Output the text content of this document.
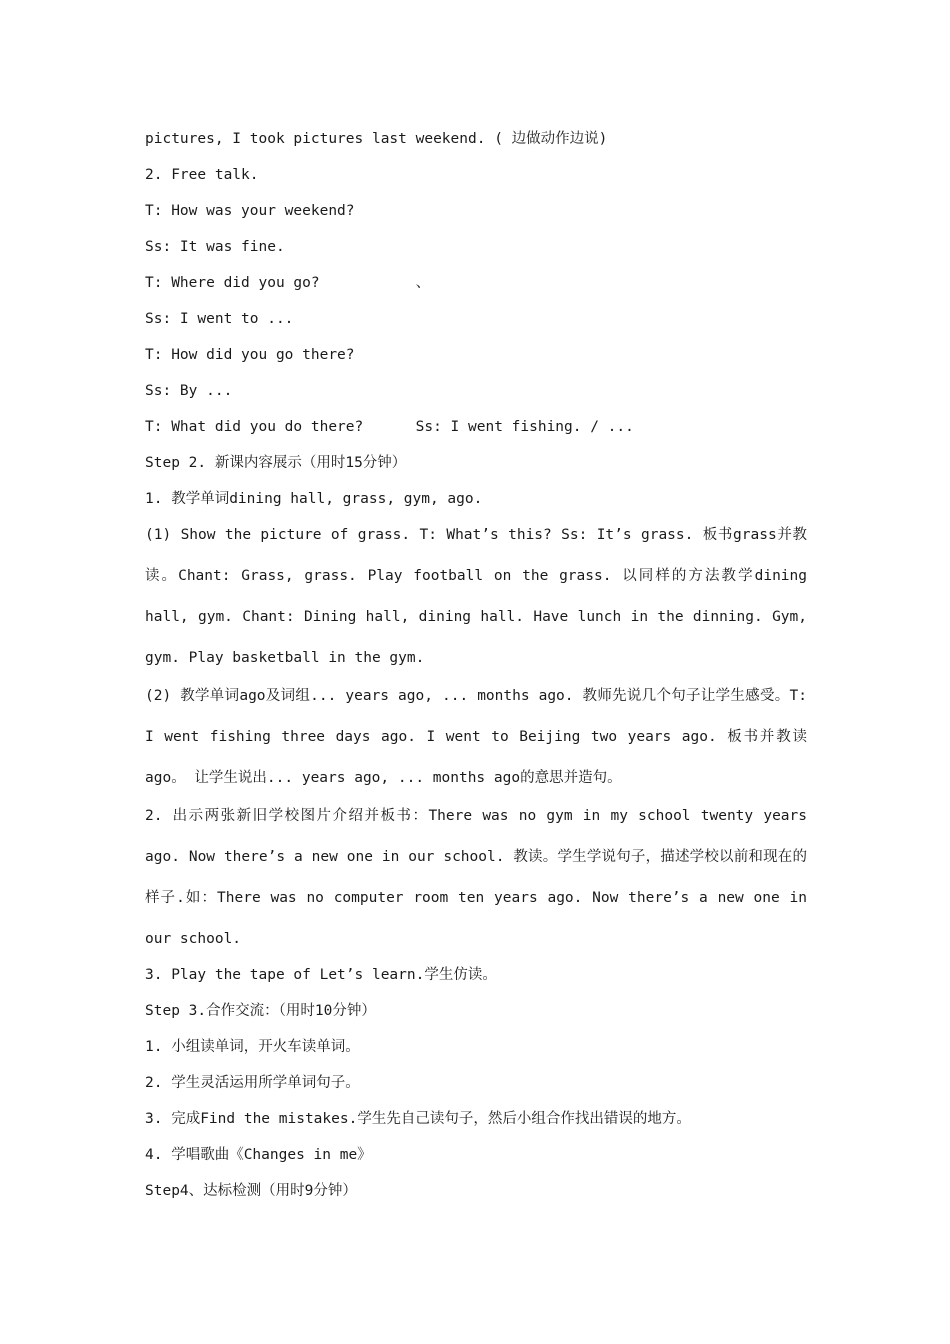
pictures, I took pictures last weekend. ( 边做动作边说)

2. Free talk.

T: How was your weekend?

Ss: It was fine.

T: Where did you go?           、

Ss: I went to ...

T: How did you go there?

Ss: By ...

T: What did you do there?      Ss: I went fishing. / ...

Step 2. 新课内容展示（用时15分钟）

1. 教学单词dining hall, grass, gym, ago.

(1) Show the picture of grass. T: What’s this? Ss: It’s grass. 板书grass并教读。Chant: Grass, grass. Play football on the grass. 以同样的方法教学dining hall, gym. Chant: Dining hall, dining hall. Have lunch in the dinning. Gym, gym. Play basketball in the gym.

(2) 教学单词ago及词组... years ago, ... months ago. 教师先说几个句子让学生感受。T: I went fishing three days ago. I went to Beijing two years ago. 板书并教读ago。 让学生说出... years ago, ... months ago的意思并造句。

2. 出示两张新旧学校图片介绍并板书：There was no gym in my school twenty years ago. Now there’s a new one in our school. 教读。学生学说句子，描述学校以前和现在的样子.如：There was no computer room ten years ago. Now there’s a new one in our school.

3. Play the tape of Let’s learn.学生仿读。

Step 3.合作交流：（用时10分钟）

1. 小组读单词，开火车读单词。

2. 学生灵活运用所学单词句子。

3. 完成Find the mistakes.学生先自己读句子，然后小组合作找出错误的地方。

4. 学唱歌曲《Changes in me》

Step4、达标检测（用时9分钟）
